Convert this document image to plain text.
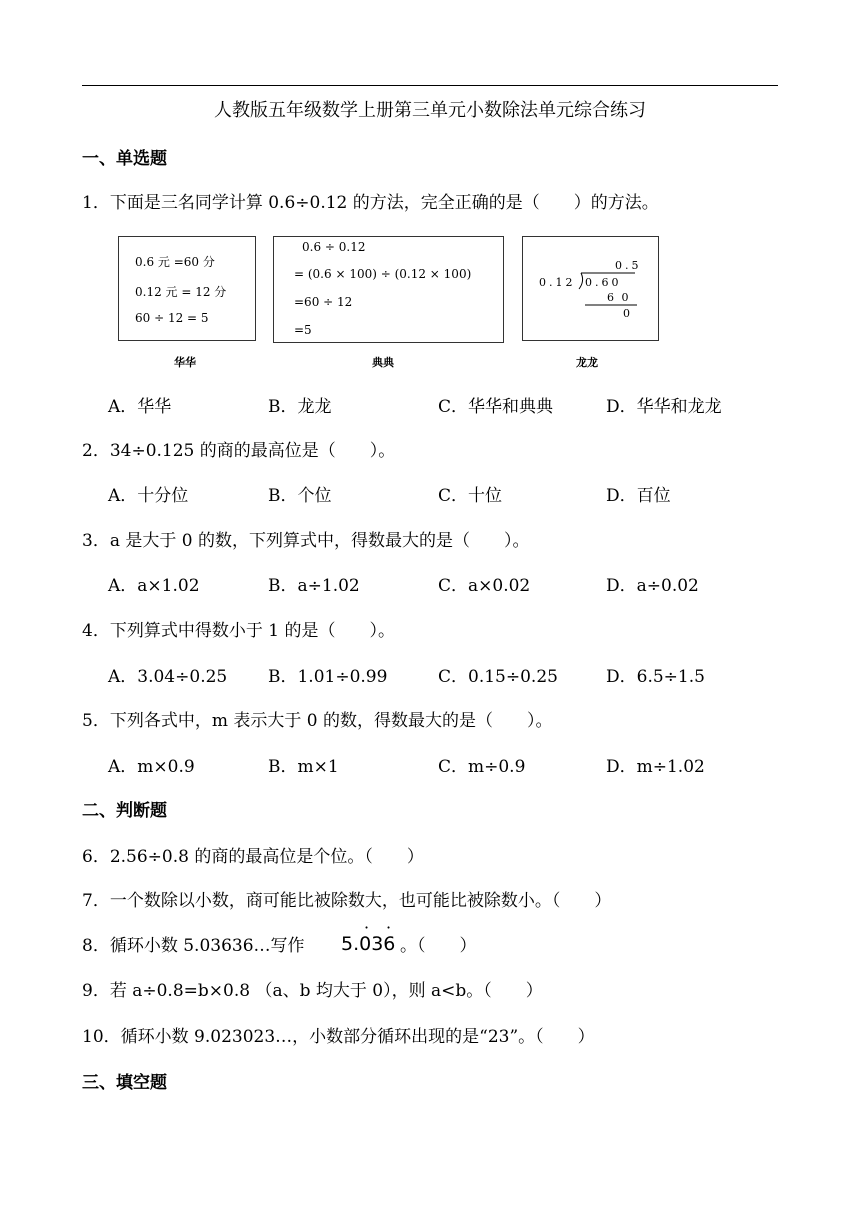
人教版五年级数学上册第三单元小数除法单元综合练习
一、单选题
1．下面是三名同学计算 0.6÷0.12 的方法，完全正确的是（　　）的方法。
0.6 元 =60 分
0.12 元 = 12 分
60 ÷ 12 = 5
华华
0.6 ÷ 0.12
= (0.6 × 100) ÷ (0.12 × 100)
=60 ÷ 12
=5
典典
0.5
0.12 0.60
6 0
0
龙龙
A．华华	B．龙龙	C．华华和典典	D．华华和龙龙
2．34÷0.125 的商的最高位是（　　）。
A．十分位	B．个位	C．十位	D．百位
3．a 是大于 0 的数，下列算式中，得数最大的是（　　）。
A．a×1.02	B．a÷1.02	C．a×0.02	D．a÷0.02
4．下列算式中得数小于 1 的是（　　）。
A．3.04÷0.25 B．1.01÷0.99	C．0.15÷0.25	D．6.5÷1.5
5．下列各式中，m 表示大于 0 的数，得数最大的是（　　）。
A．m×0.9	B．m×1	C．m÷0.9	D．m÷1.02
二、判断题
6．2.56÷0.8 的商的最高位是个位。（　　）
7．一个数除以小数，商可能比被除数大，也可能比被除数小。（　　）
8．循环小数 5.03636…写作 5.036
· ·
。（　　）
9．若 a÷0.8=b×0.8 （a、b 均大于 0），则 a<b。（　　）
10．循环小数 9.023023…，小数部分循环出现的是“23”。（　　）
三、填空题
